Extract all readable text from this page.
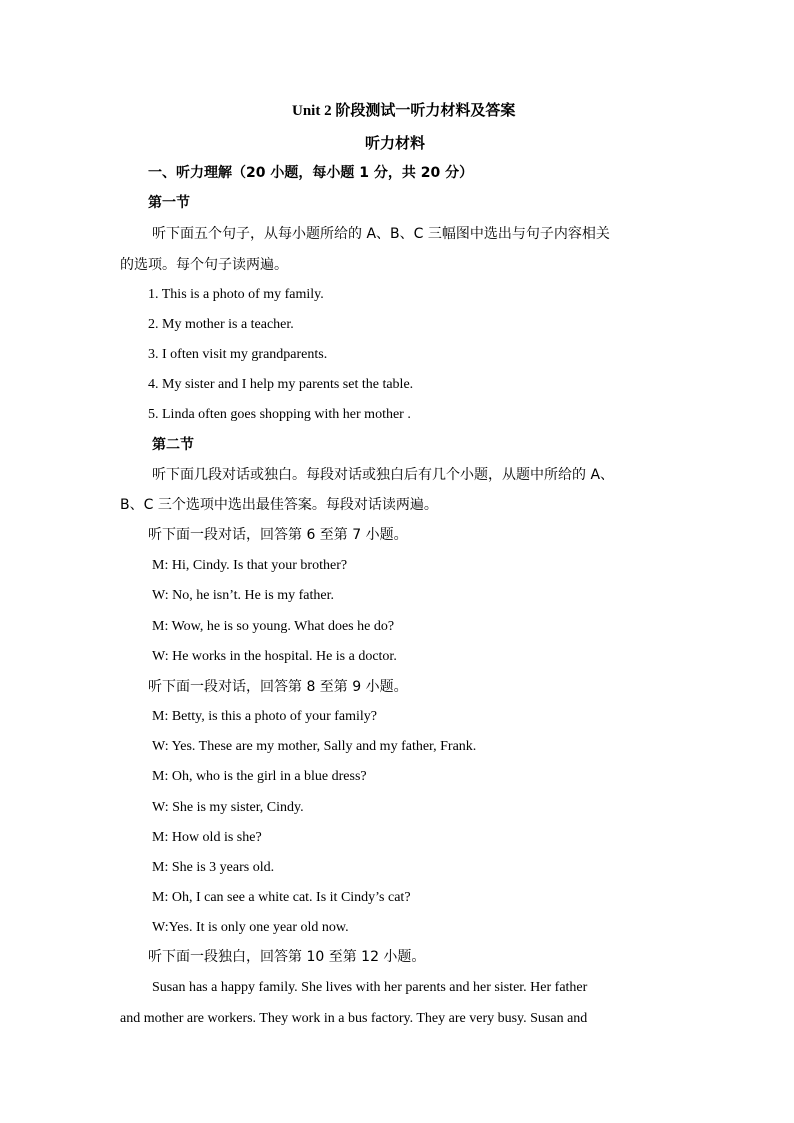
Unit 2 阶段测试一听力材料及答案
听力材料
一、听力理解（20 小题，每小题 1 分，共 20 分）
第一节
听下面五个句子，从每小题所给的 A、B、C 三幅图中选出与句子内容相关
的选项。每个句子读两遍。
1. This is a photo of my family.
2. My mother is a teacher.
3. I often visit my grandparents.
4. My sister and I help my parents set the table.
5. Linda often goes shopping with her mother .
第二节
听下面几段对话或独白。每段对话或独白后有几个小题，从题中所给的 A、
B、C 三个选项中选出最佳答案。每段对话读两遍。
听下面一段对话，回答第 6 至第 7 小题。
M: Hi, Cindy. Is that your brother?
W: No, he isn’t. He is my father.
M: Wow, he is so young. What does he do?
W: He works in the hospital. He is a doctor.
听下面一段对话，回答第 8 至第 9 小题。
M: Betty, is this a photo of your family?
W: Yes. These are my mother, Sally and my father, Frank.
M: Oh, who is the girl in a blue dress?
W: She is my sister, Cindy.
M: How old is she?
M: She is 3 years old.
M: Oh, I can see a white cat. Is it Cindy’s cat?
W:Yes. It is only one year old now.
听下面一段独白，回答第 10 至第 12 小题。
Susan has a happy family. She lives with her parents and her sister. Her father
and mother are workers. They work in a bus factory. They are very busy. Susan and
